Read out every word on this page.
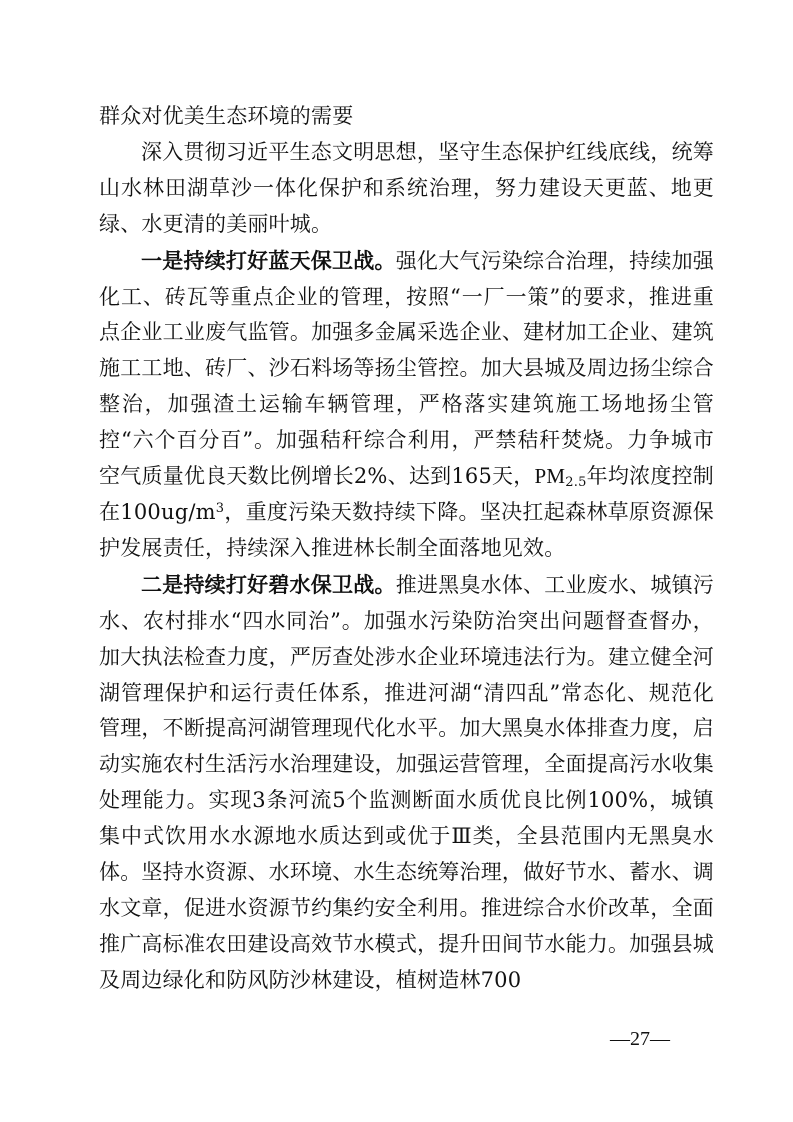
群众对优美生态环境的需要

深入贯彻习近平生态文明思想，坚守生态保护红线底线，统筹山水林田湖草沙一体化保护和系统治理，努力建设天更蓝、地更绿、水更清的美丽叶城。

一是持续打好蓝天保卫战。强化大气污染综合治理，持续加强化工、砖瓦等重点企业的管理，按照“一厂一策”的要求，推进重点企业工业废气监管。加强多金属采选企业、建材加工企业、建筑施工工地、砖厂、沙石料场等扬尘管控。加大县城及周边扬尘综合整治，加强渣土运输车辆管理，严格落实建筑施工场地扬尘管控“六个百分百”。加强秸秆综合利用，严禁秸秆焚烧。力争城市空气质量优良天数比例增长2%、达到165天，$PM_{2.5}$年均浓度控制在$100ug/m^3$，重度污染天数持续下降。坚决扛起森林草原资源保护发展责任，持续深入推进林长制全面落地见效。

二是持续打好碧水保卫战。推进黑臭水体、工业废水、城镇污水、农村排水“四水同治”。加强水污染防治突出问题督查督办，加大执法检查力度，严厉查处涉水企业环境违法行为。建立健全河湖管理保护和运行责任体系，推进河湖“清四乱”常态化、规范化管理，不断提高河湖管理现代化水平。加大黑臭水体排查力度，启动实施农村生活污水治理建设，加强运营管理，全面提高污水收集处理能力。实现3条河流5个监测断面水质优良比例100%，城镇集中式饮用水水源地水质达到或优于Ⅲ类，全县范围内无黑臭水体。坚持水资源、水环境、水生态统筹治理，做好节水、蓄水、调水文章，促进水资源节约集约安全利用。推进综合水价改革，全面推广高标准农田建设高效节水模式，提升田间节水能力。加强县城及周边绿化和防风防沙林建设，植树造林700

—27—
